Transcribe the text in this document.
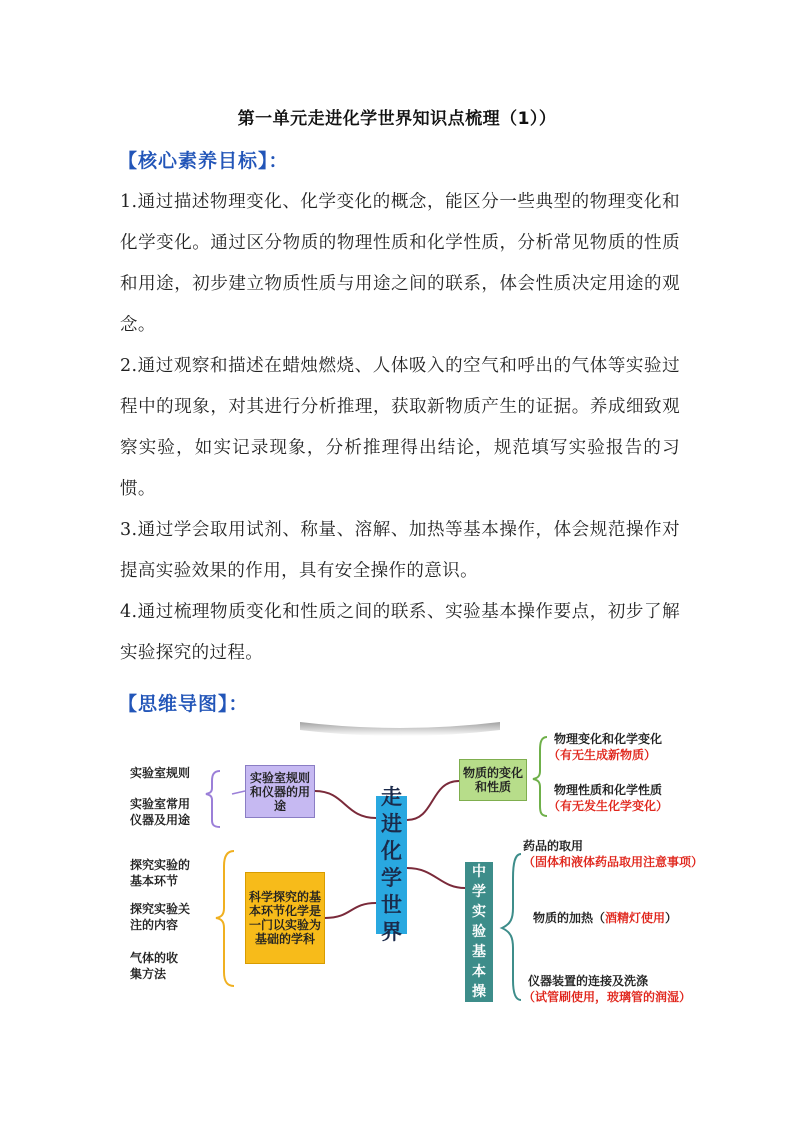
第一单元走进化学世界知识点梳理（1））
【核心素养目标】：
1.通过描述物理变化、化学变化的概念，能区分一些典型的物理变化和化学变化。通过区分物质的物理性质和化学性质，分析常见物质的性质和用途，初步建立物质性质与用途之间的联系，体会性质决定用途的观念。
2.通过观察和描述在蜡烛燃烧、人体吸入的空气和呼出的气体等实验过程中的现象，对其进行分析推理，获取新物质产生的证据。养成细致观察实验，如实记录现象，分析推理得出结论，规范填写实验报告的习惯。
3.通过学会取用试剂、称量、溶解、加热等基本操作，体会规范操作对提高实验效果的作用，具有安全操作的意识。
4.通过梳理物质变化和性质之间的联系、实验基本操作要点，初步了解实验探究的过程。
【思维导图】：
实验室规则
实验室常用
仪器及用途
实验室规则和仪器的用途
探究实验的
基本环节
探究实验关
注的内容
气体的收
集方法
科学探究的基本环节化学是一门以实验为基础的学科
走
进
化
学
世
界
物质的变化和性质
物理变化和化学变化
（有无生成新物质）
物理性质和化学性质
（有无发生化学变化）
中
学
实
验
基
本
操
药品的取用
（固体和液体药品取用注意事项）
物质的加热（酒精灯使用）
仪器装置的连接及洗涤
（试管刷使用，玻璃管的润湿）
